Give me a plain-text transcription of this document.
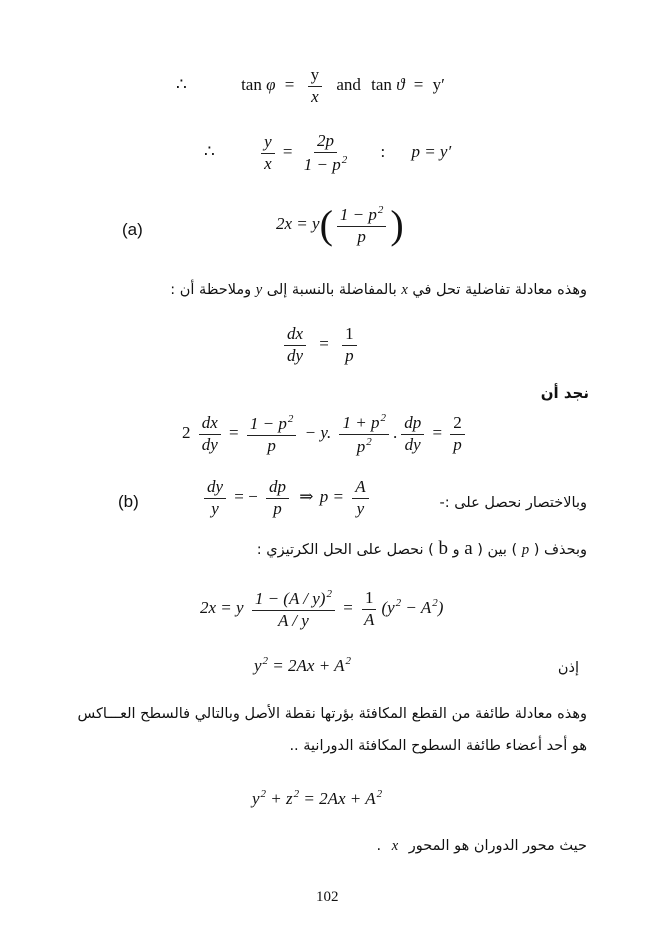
∴	$\tan \varphi = \frac{y}{x}$ and tan ϑ = y′
∴	$\frac{y}{x} = \frac{2p}{1 - p^2}$ : p = y′
(a)	$2x = y( \frac{1 - p^2}{p}$ )
وهذه معادلة تفاضلية تحل في x بالمفاضلة بالنسبة إلى y وملاحظة أن :
$\frac{dx}{dy} = \frac{1}{p}$
نجد أن
$2 \frac{dx}{dy} = \frac{1 - p^2}{p} - y$. $\frac{1 + p^2}{p^2}$ . $\frac{dp}{dy} = \frac{2}{p}$
(b)	$\frac{dy}{y}$ = − $\frac{dp}{p}$ ⇒ $p = \frac{A}{y}$	وبالاختصار نحصل على :-
وبحذف ( p ) بين ( a و b ) نحصل على الحل الكرتيزي :
2x = y $\frac{1 - (A / y)^2}{A / y} = \frac{1}{A} (y^2 - A^2)$
$y^2 = 2Ax + A^2$	إذن
وهذه معادلة طائفة من القطع المكافئة بؤرتها نقطة الأصل وبالتالي فالسطح العـــاكس
هو أحد أعضاء طائفة السطوح المكافئة الدورانية ..
$y^2 + z^2 = 2Ax + A^2$
حيث محور الدوران هو المحور x .
102
